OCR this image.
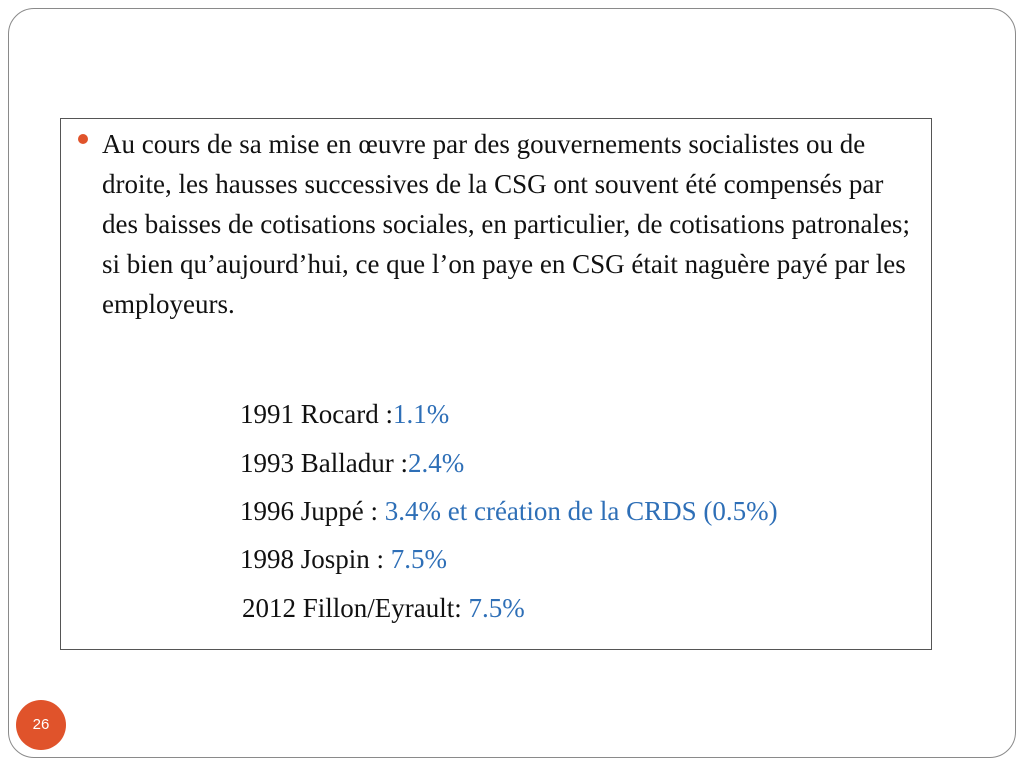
Au cours de sa mise en œuvre par des gouvernements socialistes ou de droite, les hausses successives de la CSG ont souvent été compensés par des baisses de cotisations sociales, en particulier, de cotisations patronales; si bien qu’aujourd’hui, ce que l’on paye en CSG était naguère payé par les employeurs.

1991 Rocard :1.1%
1993 Balladur :2.4%
1996 Juppé : 3.4% et création de la CRDS (0.5%)
1998 Jospin : 7.5%
2012 Fillon/Eyrault: 7.5%
26
